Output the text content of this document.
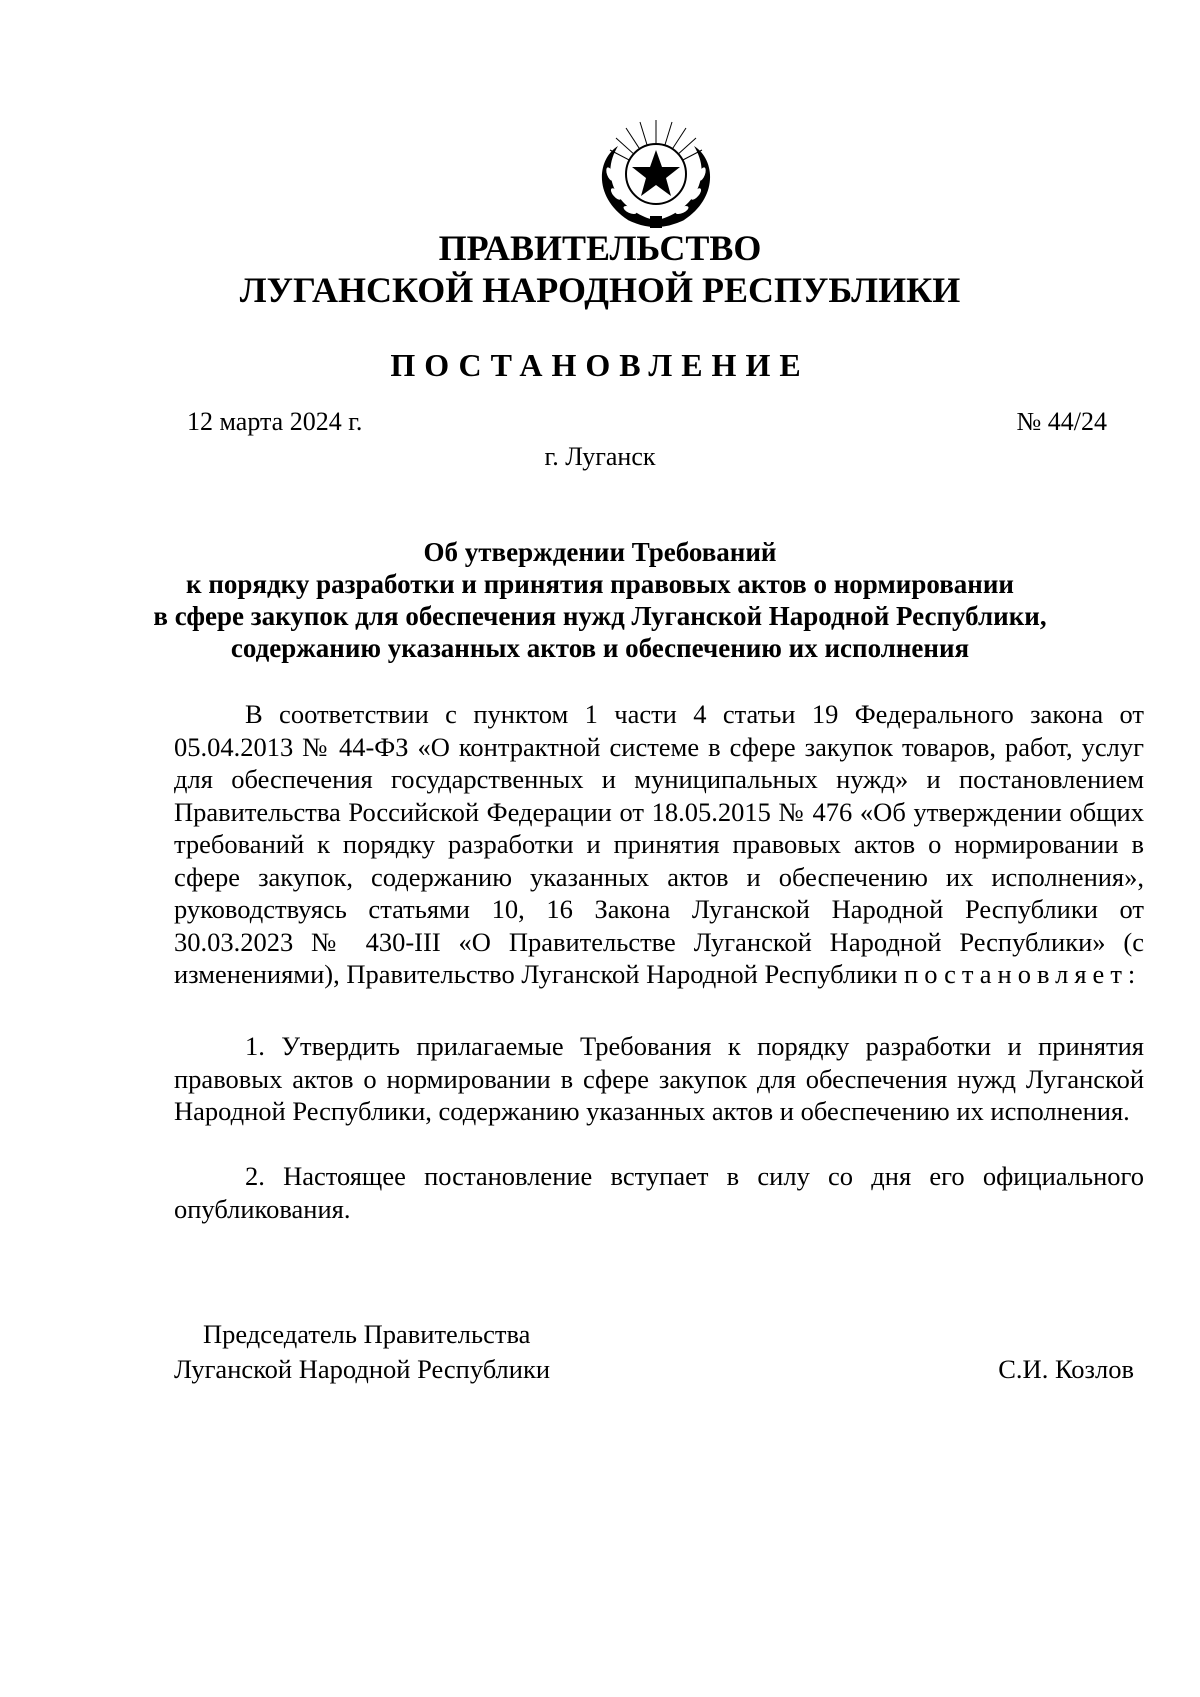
ПРАВИТЕЛЬСТВО
ЛУГАНСКОЙ НАРОДНОЙ РЕСПУБЛИКИ
ПОСТАНОВЛЕНИЕ
12 марта 2024 г.	№ 44/24
г. Луганск
Об утверждении Требований
к порядку разработки и принятия правовых актов о нормировании
в сфере закупок для обеспечения нужд Луганской Народной Республики,
содержанию указанных актов и обеспечению их исполнения

В соответствии с пунктом 1 части 4 статьи 19 Федерального закона от 05.04.2013 № 44-ФЗ «О контрактной системе в сфере закупок товаров, работ, услуг для обеспечения государственных и муниципальных нужд» и постановлением Правительства Российской Федерации от 18.05.2015 № 476 «Об утверждении общих требований к порядку разработки и принятия правовых актов о нормировании в сфере закупок, содержанию указанных актов и обеспечению их исполнения», руководствуясь статьями 10, 16 Закона Луганской Народной Республики от 30.03.2023 № 430-III «О Правительстве Луганской Народной Республики» (с изменениями), Правительство Луганской Народной Республики постановляет:

1. Утвердить прилагаемые Требования к порядку разработки и принятия правовых актов о нормировании в сфере закупок для обеспечения нужд Луганской Народной Республики, содержанию указанных актов и обеспечению их исполнения.

2. Настоящее постановление вступает в силу со дня его официального опубликования.

Председатель Правительства
Луганской Народной Республики	С.И. Козлов
